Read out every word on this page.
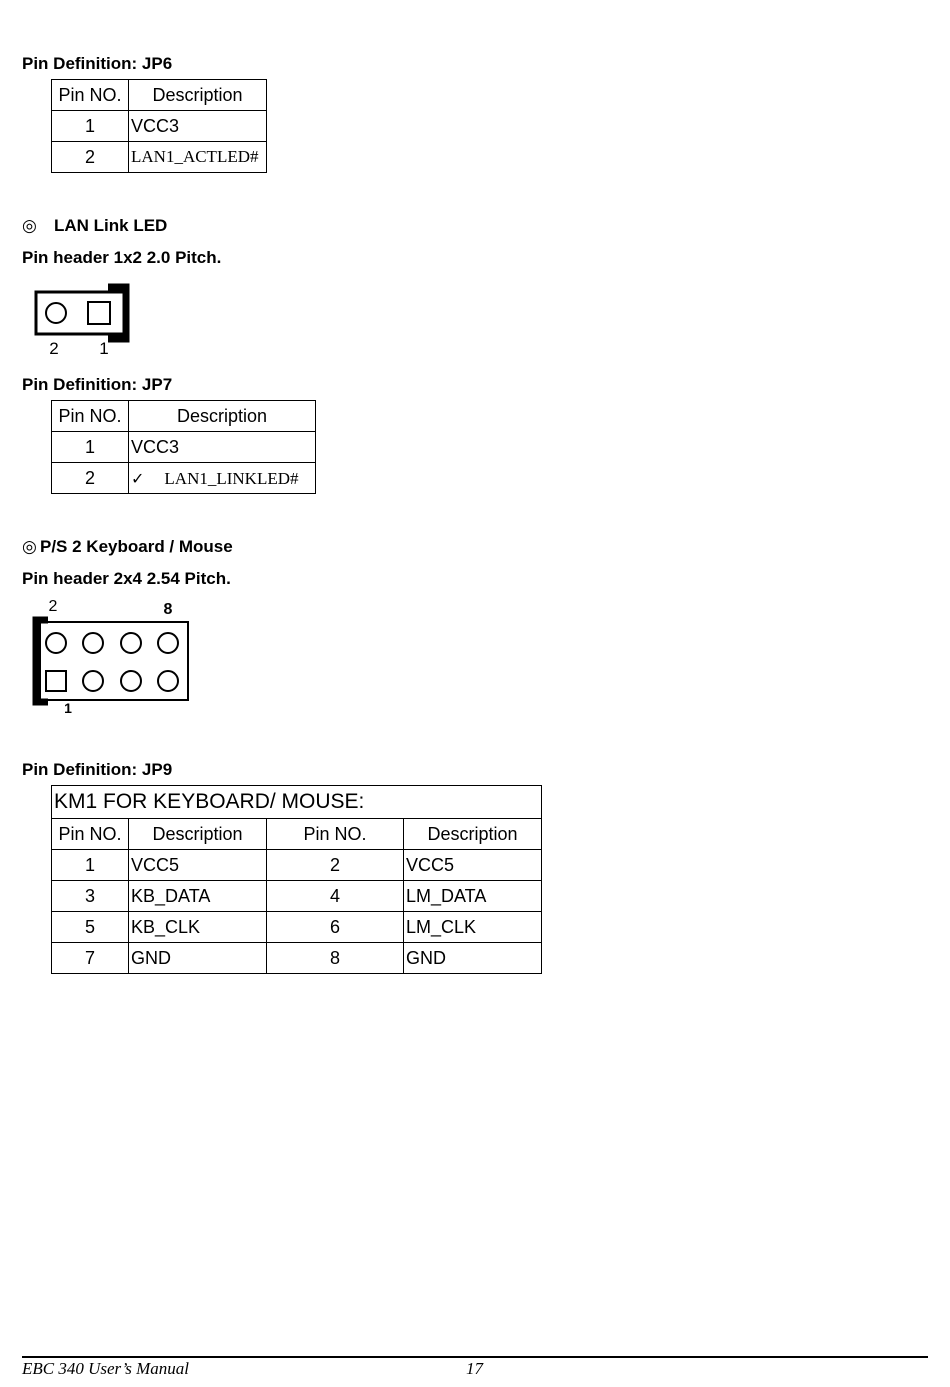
Pin Definition: JP6
Pin NO.	Description
1	VCC3
2	LAN1_ACTLED#
◎ LAN Link LED
Pin header 1x2 2.0 Pitch.
2 1
Pin Definition: JP7
Pin NO.	Description
1	VCC3
2	✓ LAN1_LINKLED#
◎ P/S 2 Keyboard / Mouse
Pin header 2x4 2.54 Pitch.
2	8
1
Pin Definition: JP9
KM1 FOR KEYBOARD/ MOUSE:			
Pin NO.	Description	Pin NO.	Description
1	VCC5	2	VCC5
3	KB_DATA	4	LM_DATA
5	KB_CLK	6	LM_CLK
7	GND	8	GND
EBC 340 User’s Manual	17
